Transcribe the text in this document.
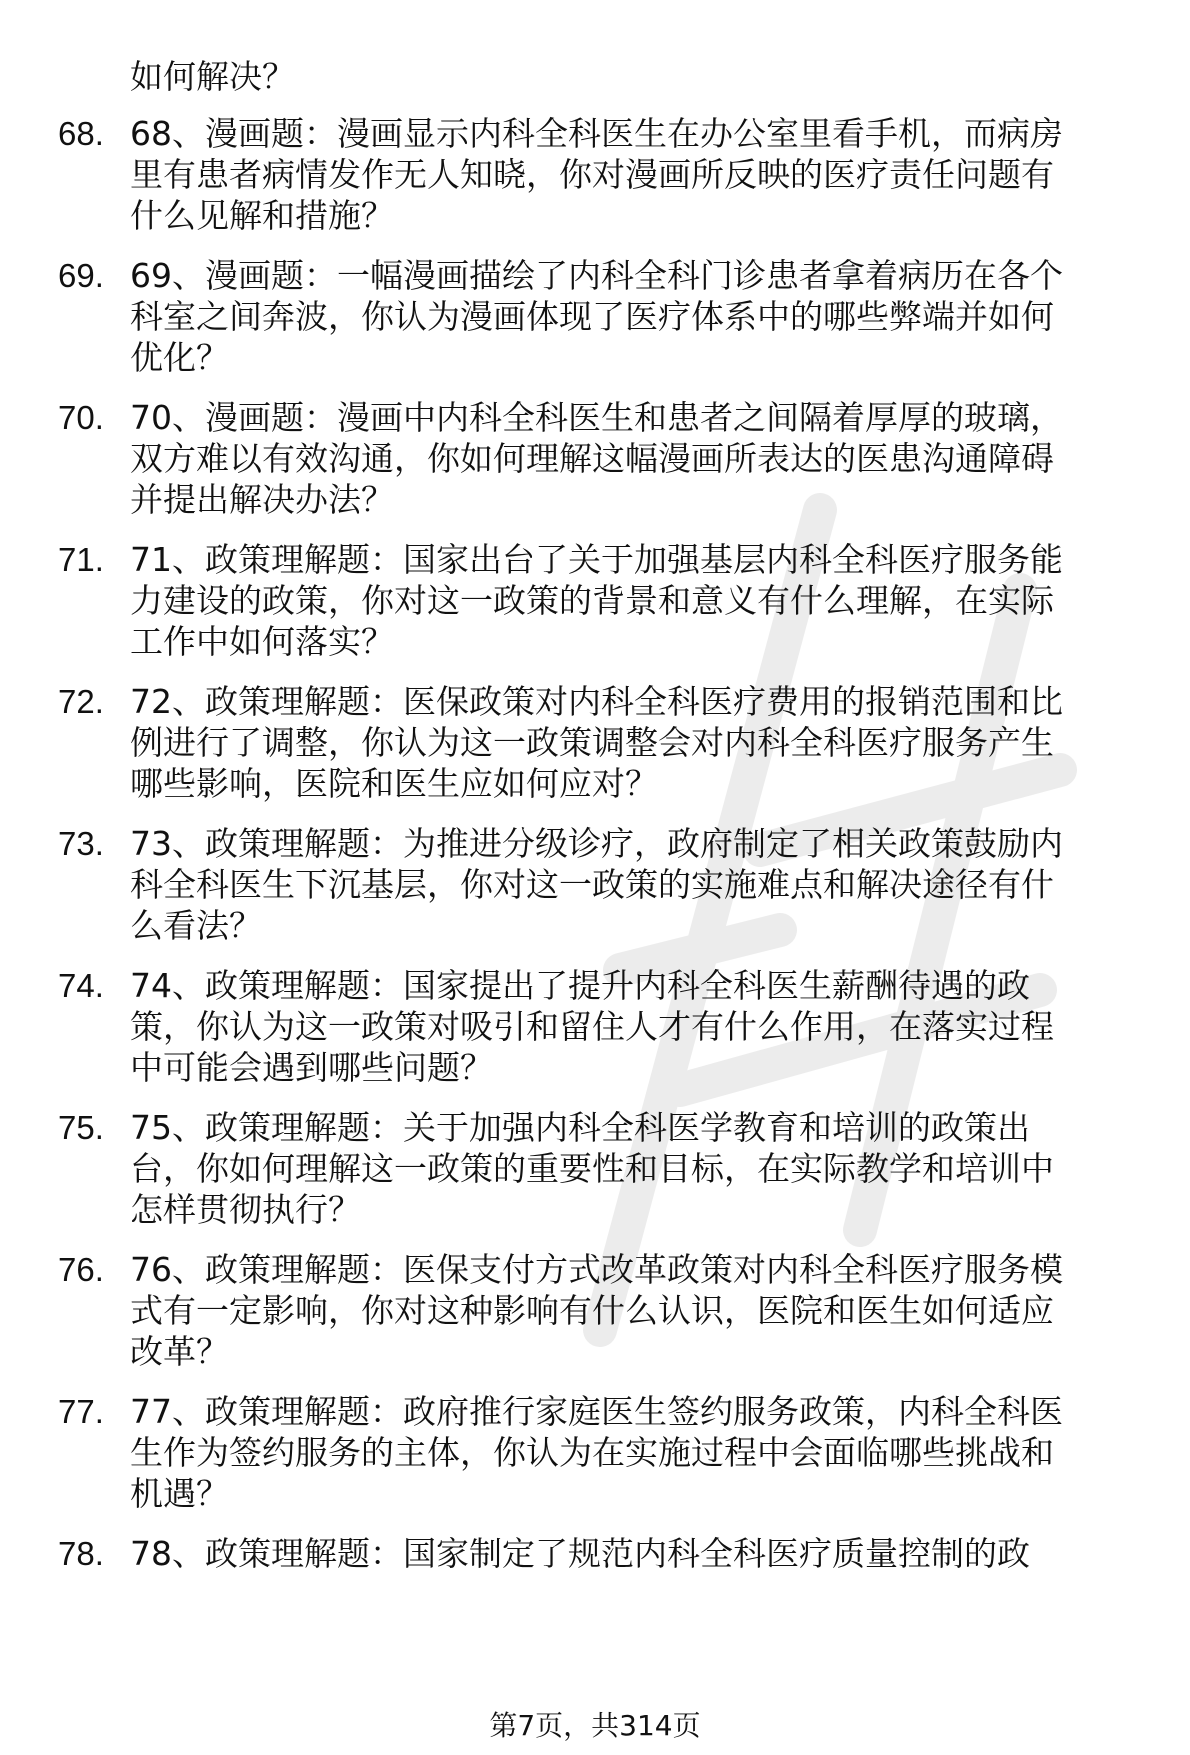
如何解决？
68. 68、漫画题：漫画显示内科全科医生在办公室里看手机，而病房
里有患者病情发作无人知晓，你对漫画所反映的医疗责任问题有
什么见解和措施？
69. 69、漫画题：一幅漫画描绘了内科全科门诊患者拿着病历在各个
科室之间奔波，你认为漫画体现了医疗体系中的哪些弊端并如何
优化？
70. 70、漫画题：漫画中内科全科医生和患者之间隔着厚厚的玻璃，
双方难以有效沟通，你如何理解这幅漫画所表达的医患沟通障碍
并提出解决办法？
71. 71、政策理解题：国家出台了关于加强基层内科全科医疗服务能
力建设的政策，你对这一政策的背景和意义有什么理解，在实际
工作中如何落实？
72. 72、政策理解题：医保政策对内科全科医疗费用的报销范围和比
例进行了调整，你认为这一政策调整会对内科全科医疗服务产生
哪些影响，医院和医生应如何应对？
73. 73、政策理解题：为推进分级诊疗，政府制定了相关政策鼓励内
科全科医生下沉基层，你对这一政策的实施难点和解决途径有什
么看法？
74. 74、政策理解题：国家提出了提升内科全科医生薪酬待遇的政
策，你认为这一政策对吸引和留住人才有什么作用，在落实过程
中可能会遇到哪些问题？
75. 75、政策理解题：关于加强内科全科医学教育和培训的政策出
台，你如何理解这一政策的重要性和目标，在实际教学和培训中
怎样贯彻执行？
76. 76、政策理解题：医保支付方式改革政策对内科全科医疗服务模
式有一定影响，你对这种影响有什么认识，医院和医生如何适应
改革？
77. 77、政策理解题：政府推行家庭医生签约服务政策，内科全科医
生作为签约服务的主体，你认为在实施过程中会面临哪些挑战和
机遇？
78. 78、政策理解题：国家制定了规范内科全科医疗质量控制的政
第7页，共314页
